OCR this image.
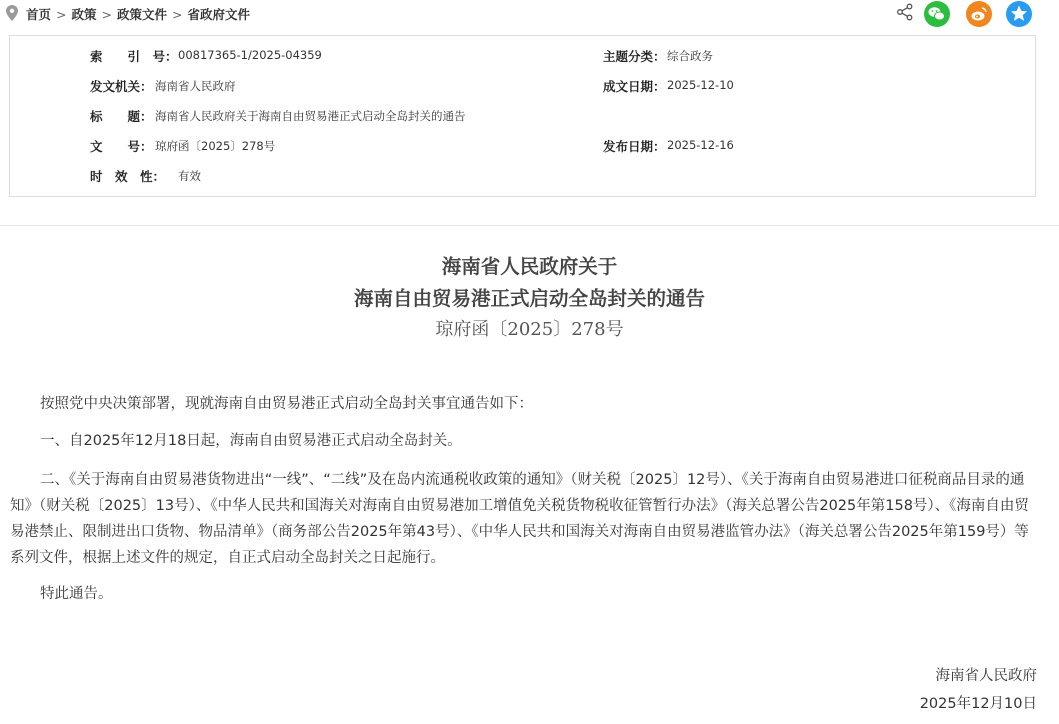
首页 > 政策 > 政策文件 > 省政府文件
索　　引　号： 00817365-1/2025-04359	主题分类： 综合政务
发文机关： 海南省人民政府	成文日期： 2025-12-10
标　　题： 海南省人民政府关于海南自由贸易港正式启动全岛封关的通告
文　　号： 琼府函〔2025〕278号	发布日期： 2025-12-16
时　效　性： 有效
海南省人民政府关于
海南自由贸易港正式启动全岛封关的通告
琼府函〔2025〕278号

按照党中央决策部署，现就海南自由贸易港正式启动全岛封关事宜通告如下：

一、自2025年12月18日起，海南自由贸易港正式启动全岛封关。

二、《关于海南自由贸易港货物进出“一线”、“二线”及在岛内流通税收政策的通知》（财关税〔2025〕12号）、《关于海南自由贸易港进口征税商品目录的通知》（财关税〔2025〕13号）、《中华人民共和国海关对海南自由贸易港加工增值免关税货物税收征管暂行办法》（海关总署公告2025年第158号）、《海南自由贸易港禁止、限制进出口货物、物品清单》（商务部公告2025年第43号）、《中华人民共和国海关对海南自由贸易港监管办法》（海关总署公告2025年第159号）等系列文件，根据上述文件的规定，自正式启动全岛封关之日起施行。

特此通告。

海南省人民政府
2025年12月10日
